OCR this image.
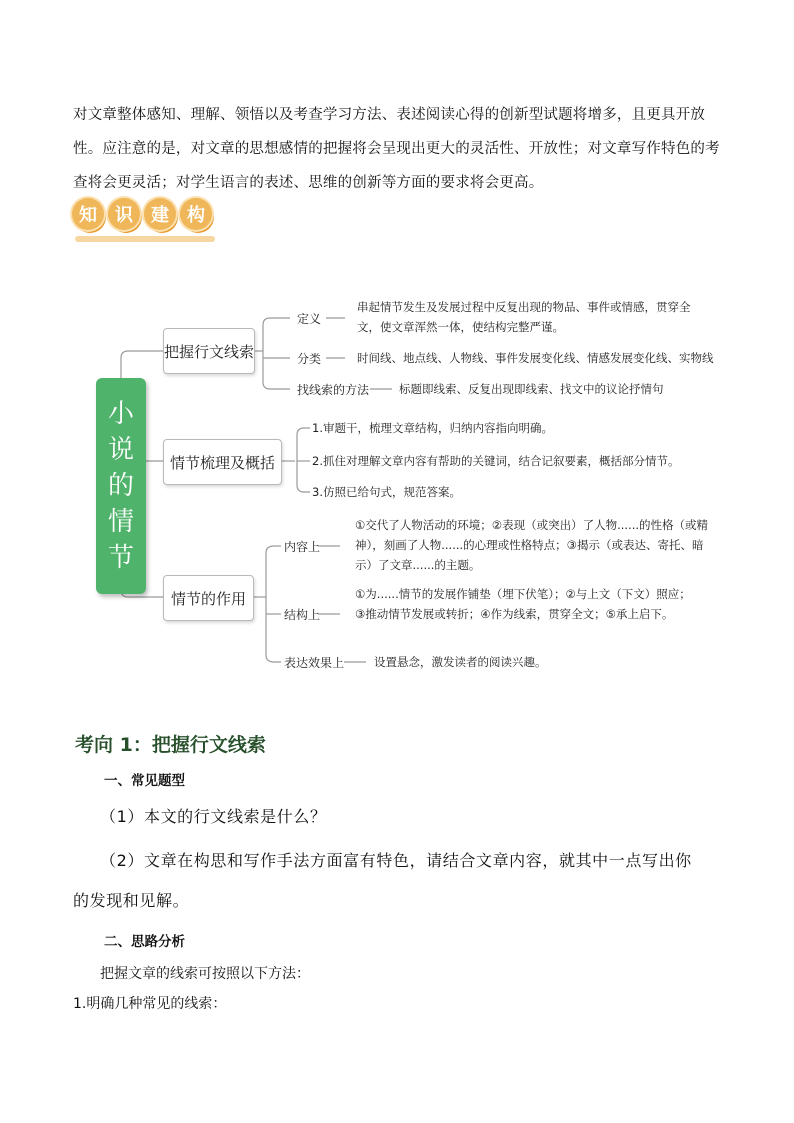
对文章整体感知、理解、领悟以及考查学习方法、表述阅读心得的创新型试题将增多，且更具开放性。应注意的是，对文章的思想感情的把握将会呈现出更大的灵活性、开放性；对文章写作特色的考查将会更灵活；对学生语言的表述、思维的创新等方面的要求将会更高。
知	识	建	构
小
说
的
情
节
把握行文线索
定义
串起情节发生及发展过程中反复出现的物品、事件或情感，贯穿全
文，使文章浑然一体，使结构完整严谨。
分类	时间线、地点线、人物线、事件发展变化线、情感发展变化线、实物线
找线索的方法	标题即线索、反复出现即线索、找文中的议论抒情句
情节梳理及概括
1.审题干，梳理文章结构，归纳内容指向明确。
2.抓住对理解文章内容有帮助的关键词，结合记叙要素，概括部分情节。
3.仿照已给句式，规范答案。
情节的作用
内容上
①交代了人物活动的环境；②表现（或突出）了人物......的性格（或精
神），刻画了人物......的心理或性格特点；③揭示（或表达、寄托、暗
示）了文章......的主题。
结构上
①为......情节的发展作铺垫（埋下伏笔）；②与上文（下文）照应；
③推动情节发展或转折；④作为线索，贯穿全文；⑤承上启下。
表达效果上	设置悬念，激发读者的阅读兴趣。
考向 1：把握行文线索
一、常见题型
（1）本文的行文线索是什么？
（2）文章在构思和写作手法方面富有特色，请结合文章内容，就其中一点写出你
的发现和见解。
二、思路分析
把握文章的线索可按照以下方法：
1.明确几种常见的线索：
